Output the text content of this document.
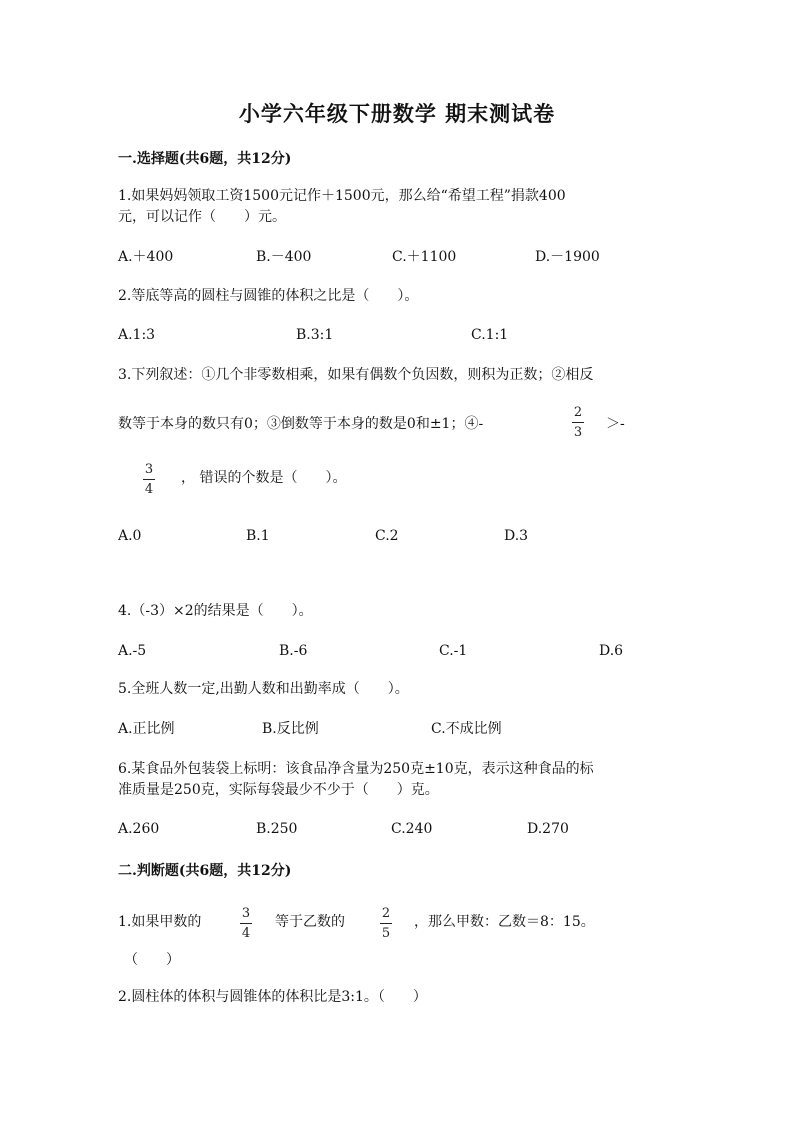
小学六年级下册数学 期末测试卷
一.选择题(共6题，共12分)
1.如果妈妈领取工资1500元记作＋1500元，那么给“希望工程”捐款400
元，可以记作（　　）元。
A.＋400	B.－400	C.＋1100	D.－1900
2.等底等高的圆柱与圆锥的体积之比是（　　）。
A.1:3	B.3:1	C.1:1
3.下列叙述：①几个非零数相乘，如果有偶数个负因数，则积为正数；②相反
数等于本身的数只有0；③倒数等于本身的数是0和±1；④-
2
3
＞-
3
4
， 错误的个数是（　　）。
A.0	B.1	C.2	D.3
4.（-3）×2的结果是（　　）。
A.-5	B.-6	C.-1	D.6
5.全班人数一定,出勤人数和出勤率成（　　）。
A.正比例	B.反比例	C.不成比例
6.某食品外包装袋上标明：该食品净含量为250克±10克，表示这种食品的标
准质量是250克，实际每袋最少不少于（　　）克。
A.260	B.250	C.240	D.270
二.判断题(共6题，共12分)
1.如果甲数的
3
4
等于乙数的
2
5
，那么甲数：乙数＝8：15。
（　　）
2.圆柱体的体积与圆锥体的体积比是3:1。（　　）
